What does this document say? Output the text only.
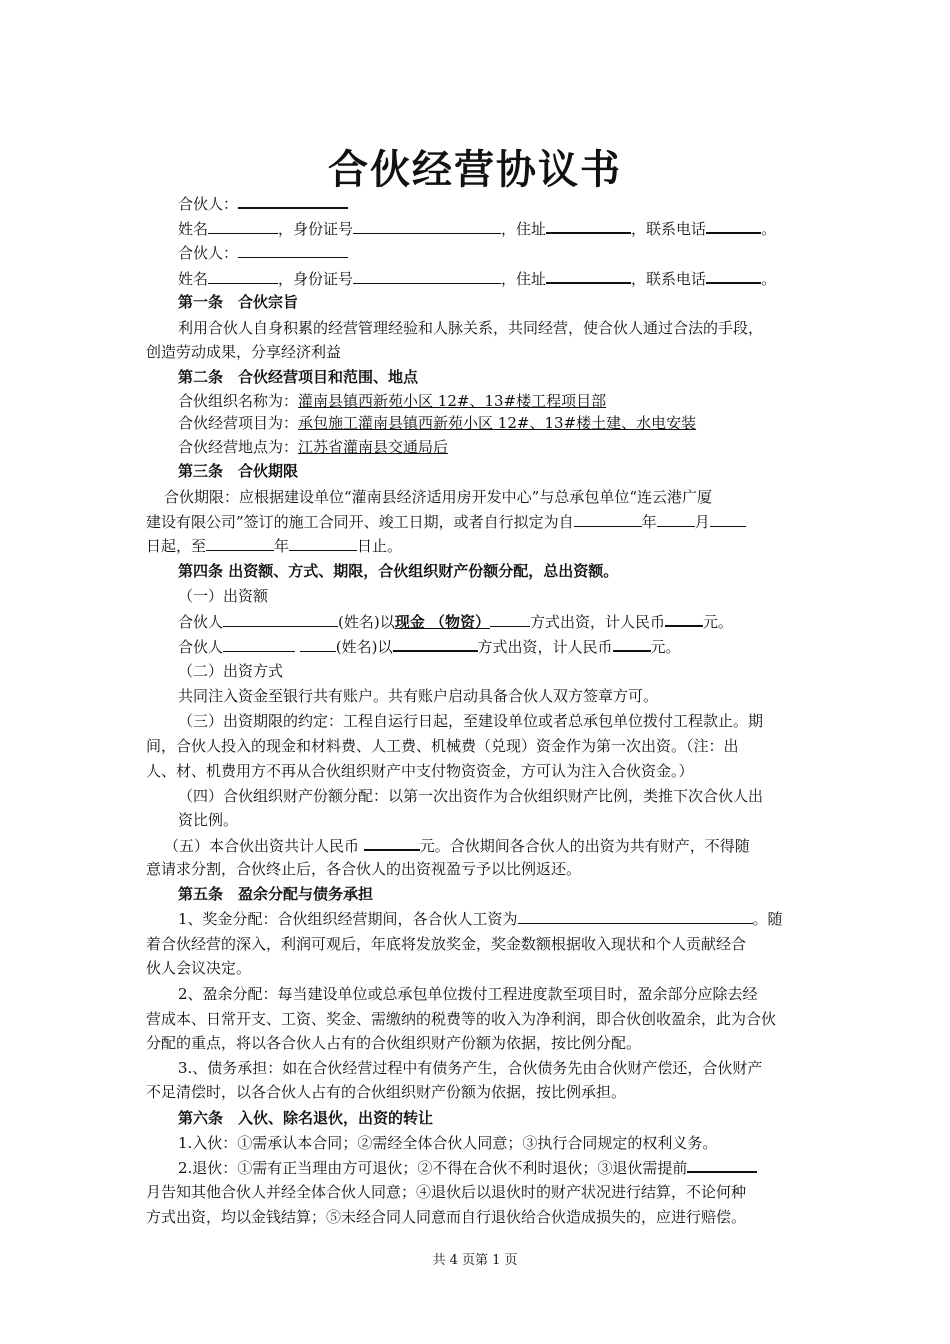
合伙经营协议书
合伙人：
姓名	，身份证号	，住址	，联系电话	。
合伙人：
姓名	，身份证号	，住址	，联系电话	。
第一条　合伙宗旨
利用合伙人自身积累的经营管理经验和人脉关系，共同经营，使合伙人通过合法的手段，
创造劳动成果，分享经济利益
第二条　合伙经营项目和范围、地点
合伙组织名称为：灌南县镇西新苑小区 12#、13#楼工程项目部
合伙经营项目为：承包施工灌南县镇西新苑小区 12#、13#楼土建、水电安装
合伙经营地点为：江苏省灌南县交通局后
第三条　合伙期限
合伙期限：应根据建设单位“灌南县经济适用房开发中心”与总承包单位“连云港广厦
建设有限公司”签订的施工合同开、竣工日期，或者自行拟定为自	年	月
日起，至	年	日止。
第四条 出资额、方式、期限，合伙组织财产份额分配，总出资额。
（一）出资额
合伙人	(姓名)以现金 （物资）	方式出资，计人民币	元。
合伙人	(姓名)以	方式出资，计人民币	元。
（二）出资方式
共同注入资金至银行共有账户。共有账户启动具备合伙人双方签章方可。
（三）出资期限的约定：工程自运行日起，至建设单位或者总承包单位拨付工程款止。期
间，合伙人投入的现金和材料费、人工费、机械费（兑现）资金作为第一次出资。（注：出
人、材、机费用方不再从合伙组织财产中支付物资资金，方可认为注入合伙资金。）
（四）合伙组织财产份额分配：以第一次出资作为合伙组织财产比例，类推下次合伙人出
资比例。
（五）本合伙出资共计人民币	元。合伙期间各合伙人的出资为共有财产，不得随
意请求分割，合伙终止后，各合伙人的出资视盈亏予以比例返还。
第五条　盈余分配与债务承担
1、奖金分配：合伙组织经营期间，各合伙人工资为	。随
着合伙经营的深入，利润可观后，年底将发放奖金，奖金数额根据收入现状和个人贡献经合
伙人会议决定。
2、盈余分配：每当建设单位或总承包单位拨付工程进度款至项目时，盈余部分应除去经
营成本、日常开支、工资、奖金、需缴纳的税费等的收入为净利润，即合伙创收盈余，此为合伙
分配的重点，将以各合伙人占有的合伙组织财产份额为依据，按比例分配。
3.、债务承担：如在合伙经营过程中有债务产生，合伙债务先由合伙财产偿还，合伙财产
不足清偿时，以各合伙人占有的合伙组织财产份额为依据，按比例承担。
第六条　入伙、除名退伙，出资的转让
1.入伙：①需承认本合同；②需经全体合伙人同意；③执行合同规定的权利义务。
2.退伙：①需有正当理由方可退伙；②不得在合伙不利时退伙；③退伙需提前
月告知其他合伙人并经全体合伙人同意；④退伙后以退伙时的财产状况进行结算，不论何种
方式出资，均以金钱结算；⑤未经合同人同意而自行退伙给合伙造成损失的，应进行赔偿。
共 4 页第 1 页
